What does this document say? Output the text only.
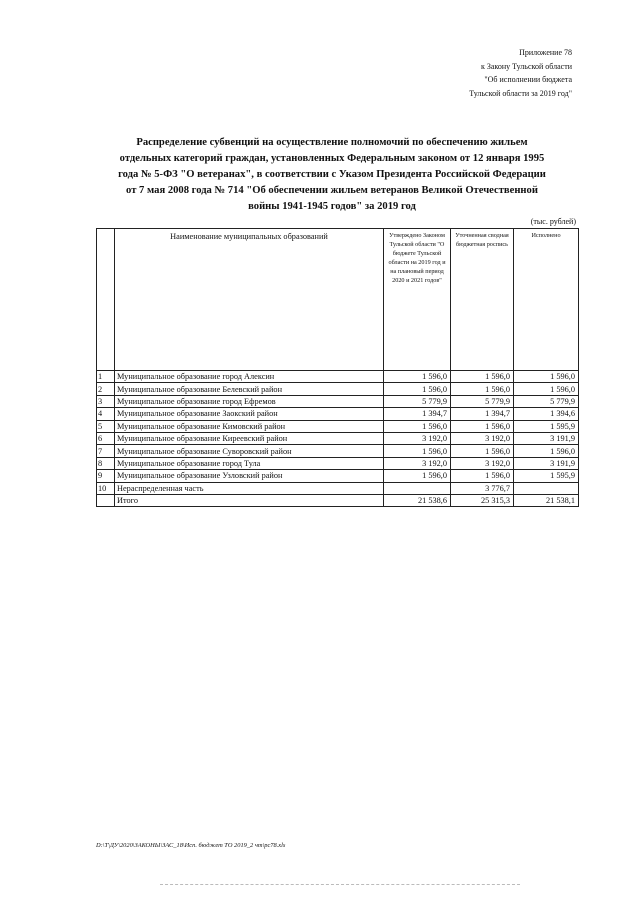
Приложение 78
к Закону Тульской области
"Об исполнении бюджета
Тульской области за 2019 год"
Распределение субвенций на осуществление полномочий по обеспечению жильем
отдельных категорий граждан, установленных Федеральным законом от 12 января 1995
года № 5-ФЗ "О ветеранах", в соответствии с Указом Президента Российской Федерации
от 7 мая 2008 года № 714 "Об обеспечении жильем ветеранов Великой Отечественной
войны 1941-1945 годов" за 2019 год
(тыс. рублей)
	Наименование муниципальных образований	Утверждено Законом Тульской области "О бюджете Тульской области на 2019 год и на плановый период 2020 и 2021 годов"	Уточненная сводная бюджетная роспись	Исполнено
1	Муниципальное образование город Алексин	1 596,0	1 596,0	1 596,0
2	Муниципальное образование Белевский район	1 596,0	1 596,0	1 596,0
3	Муниципальное образование город Ефремов	5 779,9	5 779,9	5 779,9
4	Муниципальное образование Заокский район	1 394,7	1 394,7	1 394,6
5	Муниципальное образование Кимовский район	1 596,0	1 596,0	1 595,9
6	Муниципальное образование Киреевский район	3 192,0	3 192,0	3 191,9
7	Муниципальное образование Суворовский район	1 596,0	1 596,0	1 596,0
8	Муниципальное образование город Тула	3 192,0	3 192,0	3 191,9
9	Муниципальное образование Узловский район	1 596,0	1 596,0	1 595,9
10	Нераспределенная часть		3 776,7	
	Итого	21 538,6	25 315,3	21 538,1
D:\Т\ДУ\2020\ЗАКОНЫ\ЗАС_18\Исп. бюджет ТО 2019_2 чт\рс78.xls
